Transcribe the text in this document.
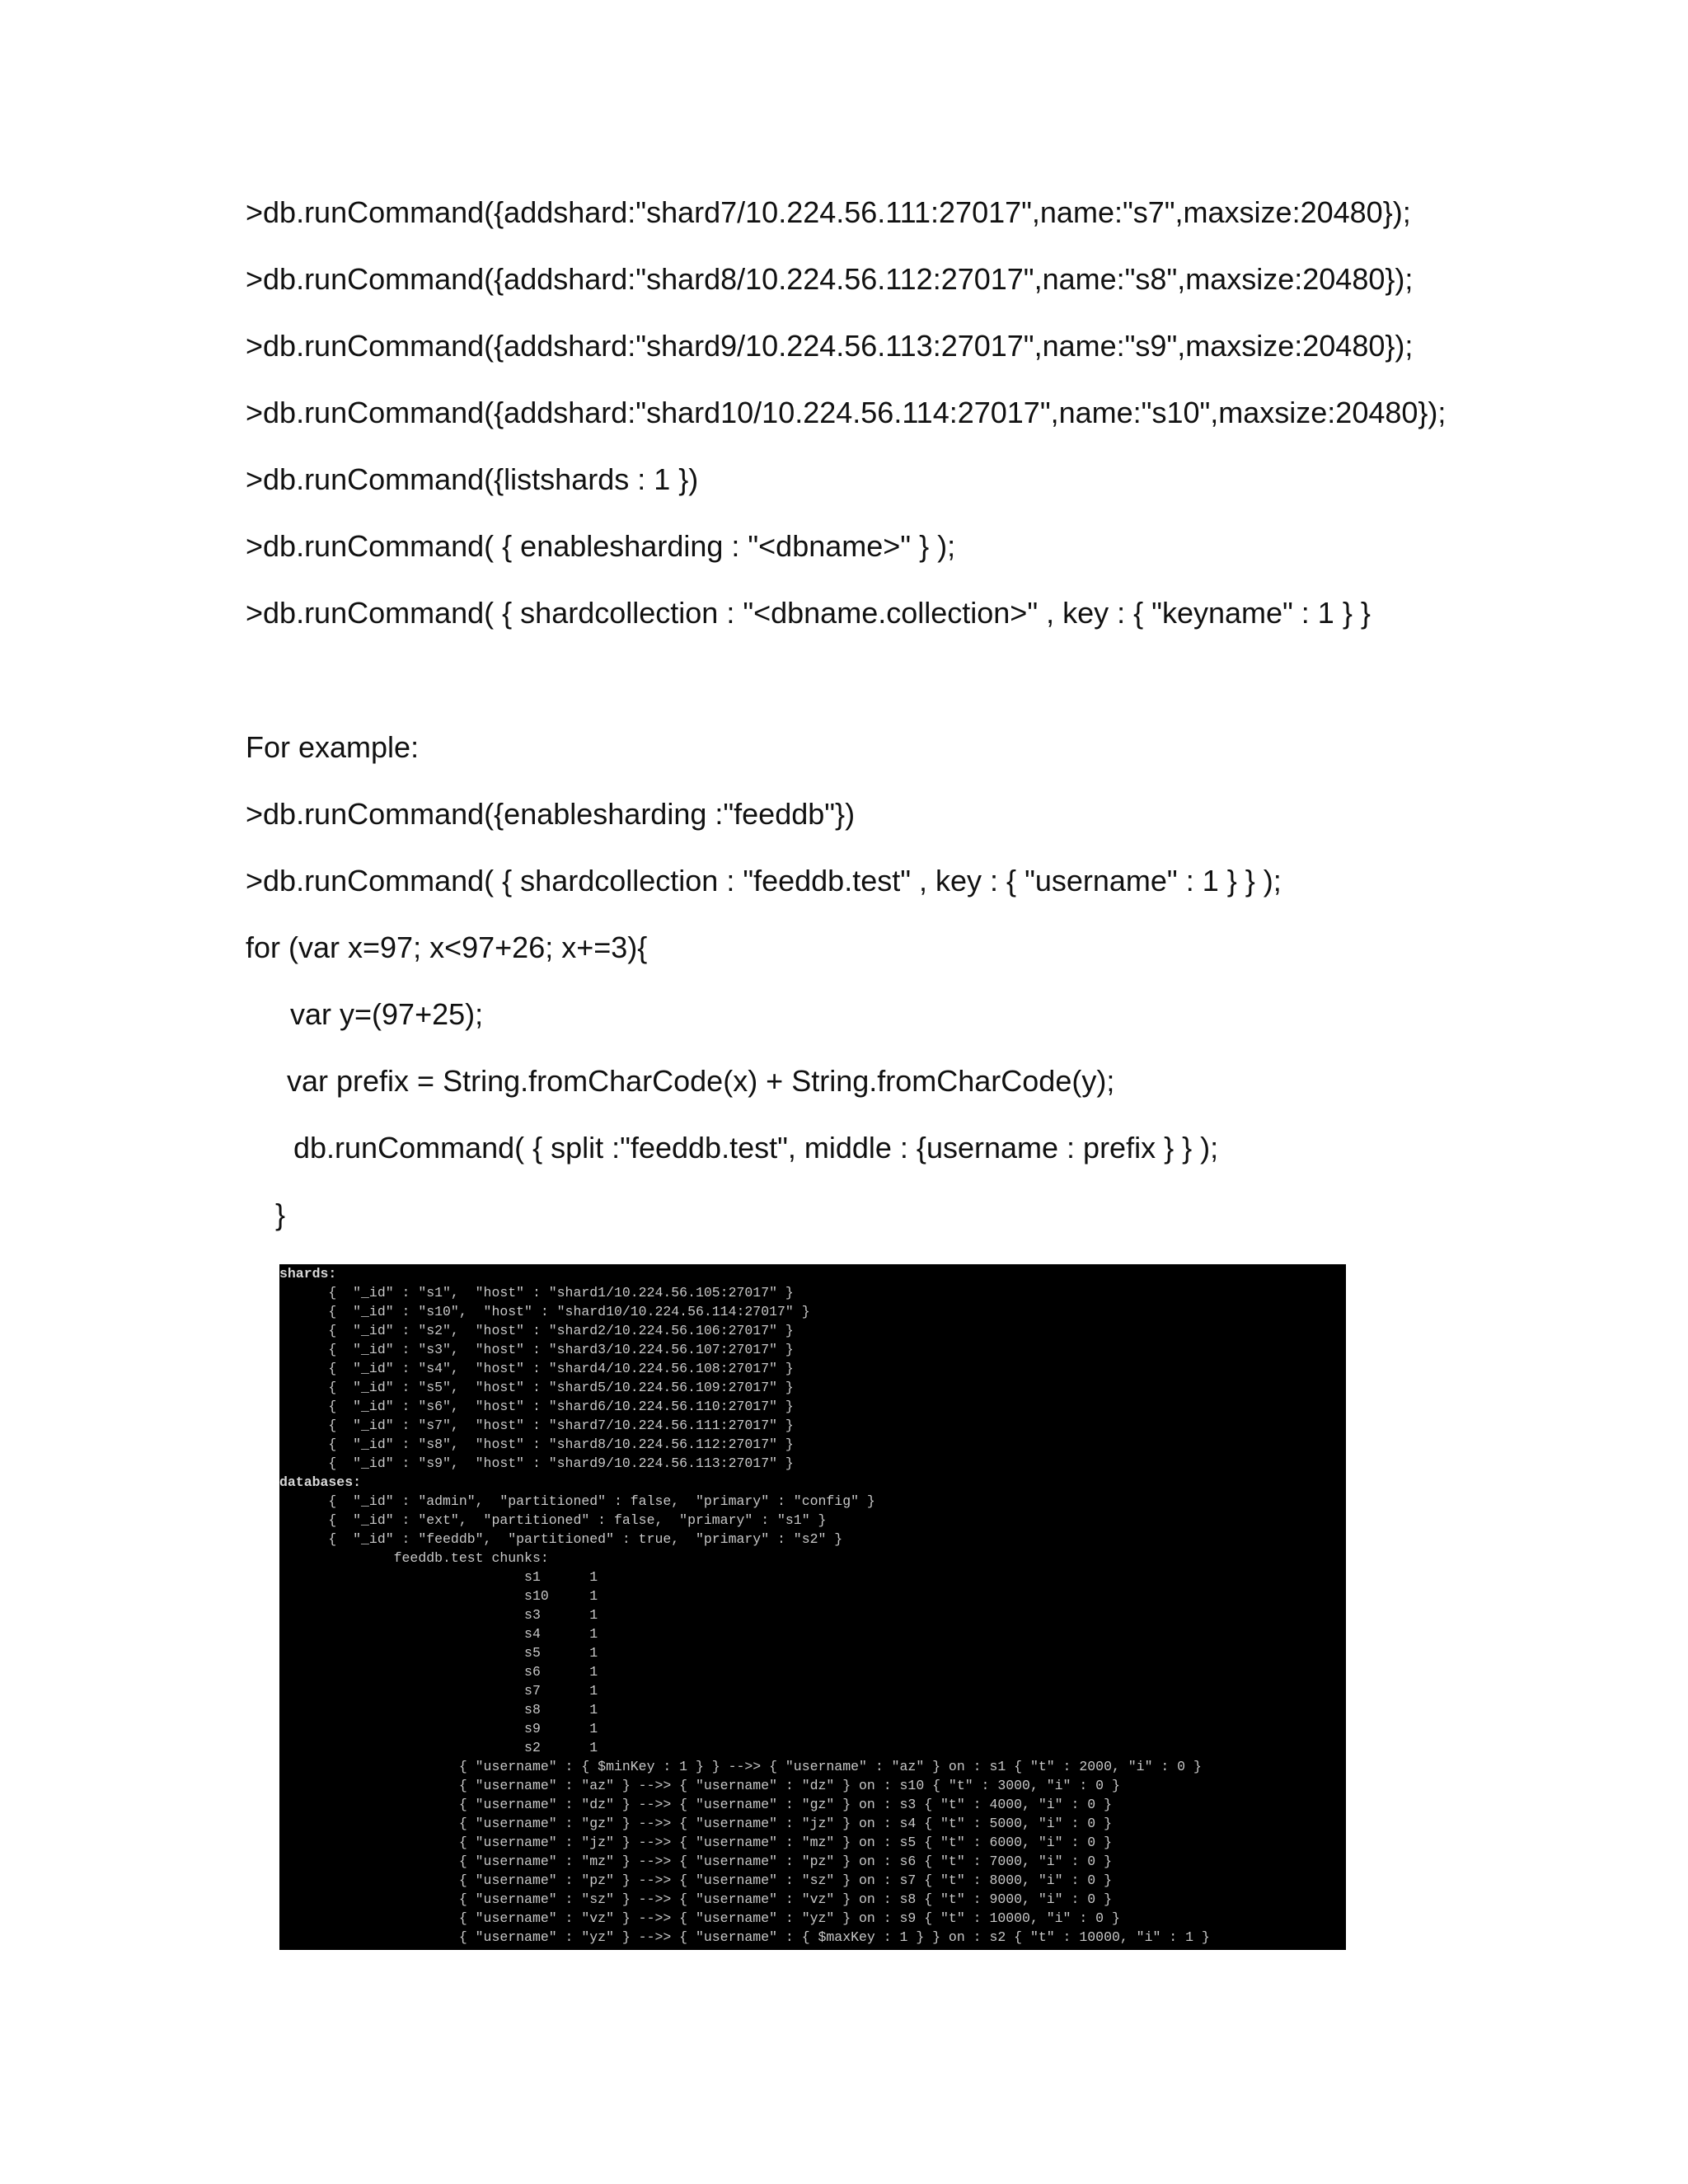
>db.runCommand({addshard:"shard7/10.224.56.111:27017",name:"s7",maxsize:20480});
>db.runCommand({addshard:"shard8/10.224.56.112:27017",name:"s8",maxsize:20480});
>db.runCommand({addshard:"shard9/10.224.56.113:27017",name:"s9",maxsize:20480});
>db.runCommand({addshard:"shard10/10.224.56.114:27017",name:"s10",maxsize:20480});
>db.runCommand({listshards : 1 })
>db.runCommand( { enablesharding : "<dbname>" } );
>db.runCommand( { shardcollection : "<dbname.collection>" , key : { "keyname" : 1 } }
For example:
>db.runCommand({enablesharding :"feeddb"})
>db.runCommand( { shardcollection : "feeddb.test" , key : { "username" : 1 } } );
for (var x=97; x<97+26; x+=3){
var y=(97+25);
var prefix = String.fromCharCode(x) + String.fromCharCode(y);
db.runCommand( { split :"feeddb.test", middle : {username : prefix } } );
}
shards:
{  "_id" : "s1",  "host" : "shard1/10.224.56.105:27017" }
{  "_id" : "s10",  "host" : "shard10/10.224.56.114:27017" }
{  "_id" : "s2",  "host" : "shard2/10.224.56.106:27017" }
{  "_id" : "s3",  "host" : "shard3/10.224.56.107:27017" }
{  "_id" : "s4",  "host" : "shard4/10.224.56.108:27017" }
{  "_id" : "s5",  "host" : "shard5/10.224.56.109:27017" }
{  "_id" : "s6",  "host" : "shard6/10.224.56.110:27017" }
{  "_id" : "s7",  "host" : "shard7/10.224.56.111:27017" }
{  "_id" : "s8",  "host" : "shard8/10.224.56.112:27017" }
{  "_id" : "s9",  "host" : "shard9/10.224.56.113:27017" }
databases:
{  "_id" : "admin",  "partitioned" : false,  "primary" : "config" }
{  "_id" : "ext",  "partitioned" : false,  "primary" : "s1" }
{  "_id" : "feeddb",  "partitioned" : true,  "primary" : "s2" }
feeddb.test chunks:
s1      1
s10     1
s3      1
s4      1
s5      1
s6      1
s7      1
s8      1
s9      1
s2      1
{ "username" : { $minKey : 1 } } -->> { "username" : "az" } on : s1 { "t" : 2000, "i" : 0 }
{ "username" : "az" } -->> { "username" : "dz" } on : s10 { "t" : 3000, "i" : 0 }
{ "username" : "dz" } -->> { "username" : "gz" } on : s3 { "t" : 4000, "i" : 0 }
{ "username" : "gz" } -->> { "username" : "jz" } on : s4 { "t" : 5000, "i" : 0 }
{ "username" : "jz" } -->> { "username" : "mz" } on : s5 { "t" : 6000, "i" : 0 }
{ "username" : "mz" } -->> { "username" : "pz" } on : s6 { "t" : 7000, "i" : 0 }
{ "username" : "pz" } -->> { "username" : "sz" } on : s7 { "t" : 8000, "i" : 0 }
{ "username" : "sz" } -->> { "username" : "vz" } on : s8 { "t" : 9000, "i" : 0 }
{ "username" : "vz" } -->> { "username" : "yz" } on : s9 { "t" : 10000, "i" : 0 }
{ "username" : "yz" } -->> { "username" : { $maxKey : 1 } } on : s2 { "t" : 10000, "i" : 1 }
